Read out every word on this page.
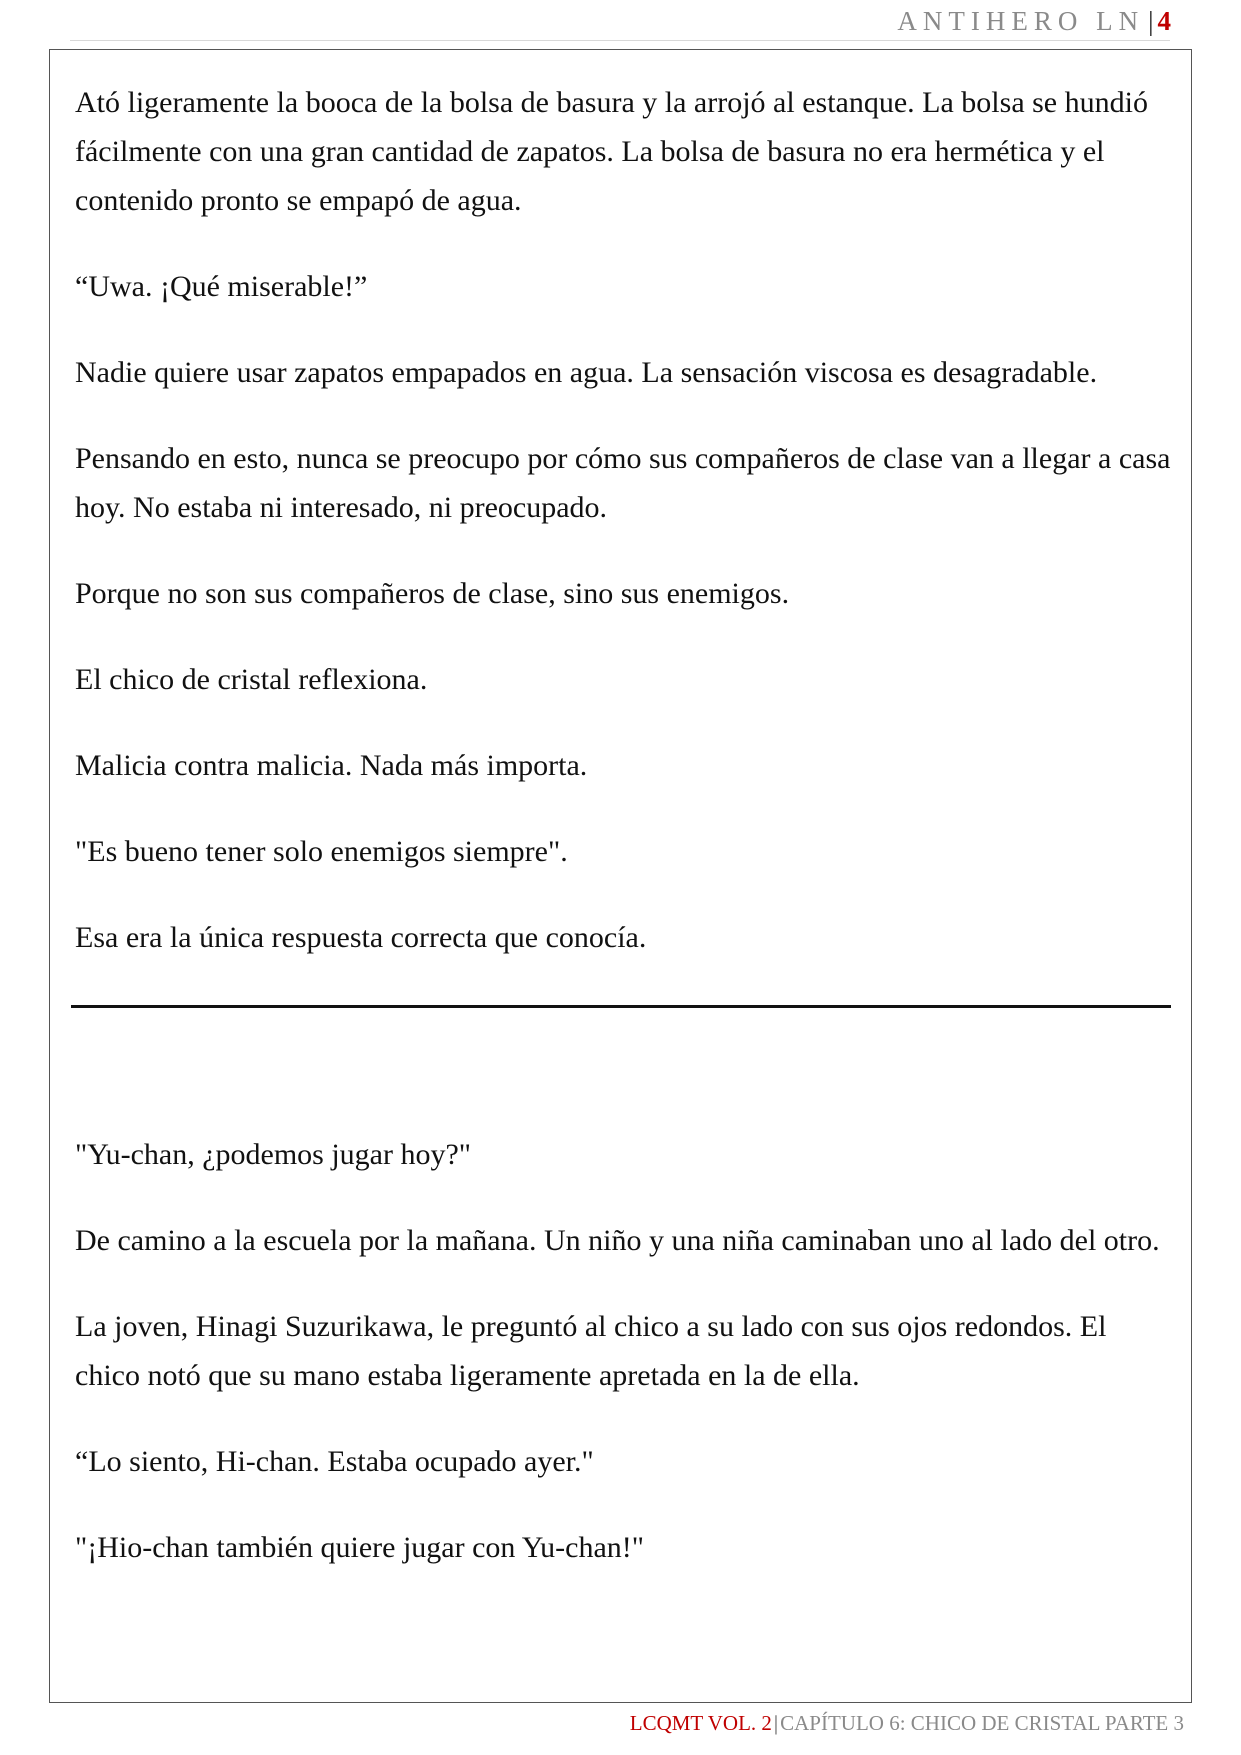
ANTIHERO LN | 4

Ató ligeramente la booca de la bolsa de basura y la arrojó al estanque. La bolsa se hundió fácilmente con una gran cantidad de zapatos. La bolsa de basura no era hermética y el contenido pronto se empapó de agua.

“Uwa. ¡Qué miserable!”

Nadie quiere usar zapatos empapados en agua. La sensación viscosa es desagradable.

Pensando en esto, nunca se preocupo por cómo sus compañeros de clase van a llegar a casa hoy. No estaba ni interesado, ni preocupado.

Porque no son sus compañeros de clase, sino sus enemigos.

El chico de cristal reflexiona.

Malicia contra malicia. Nada más importa.

"Es bueno tener solo enemigos siempre".

Esa era la única respuesta correcta que conocía.

"Yu-chan, ¿podemos jugar hoy?"

De camino a la escuela por la mañana. Un niño y una niña caminaban uno al lado del otro.

La joven, Hinagi Suzurikawa, le preguntó al chico a su lado con sus ojos redondos. El chico notó que su mano estaba ligeramente apretada en la de ella.

“Lo siento, Hi-chan. Estaba ocupado ayer."

"¡Hio-chan también quiere jugar con Yu-chan!"

LCQMT VOL. 2|CAPÍTULO 6: CHICO DE CRISTAL PARTE 3
